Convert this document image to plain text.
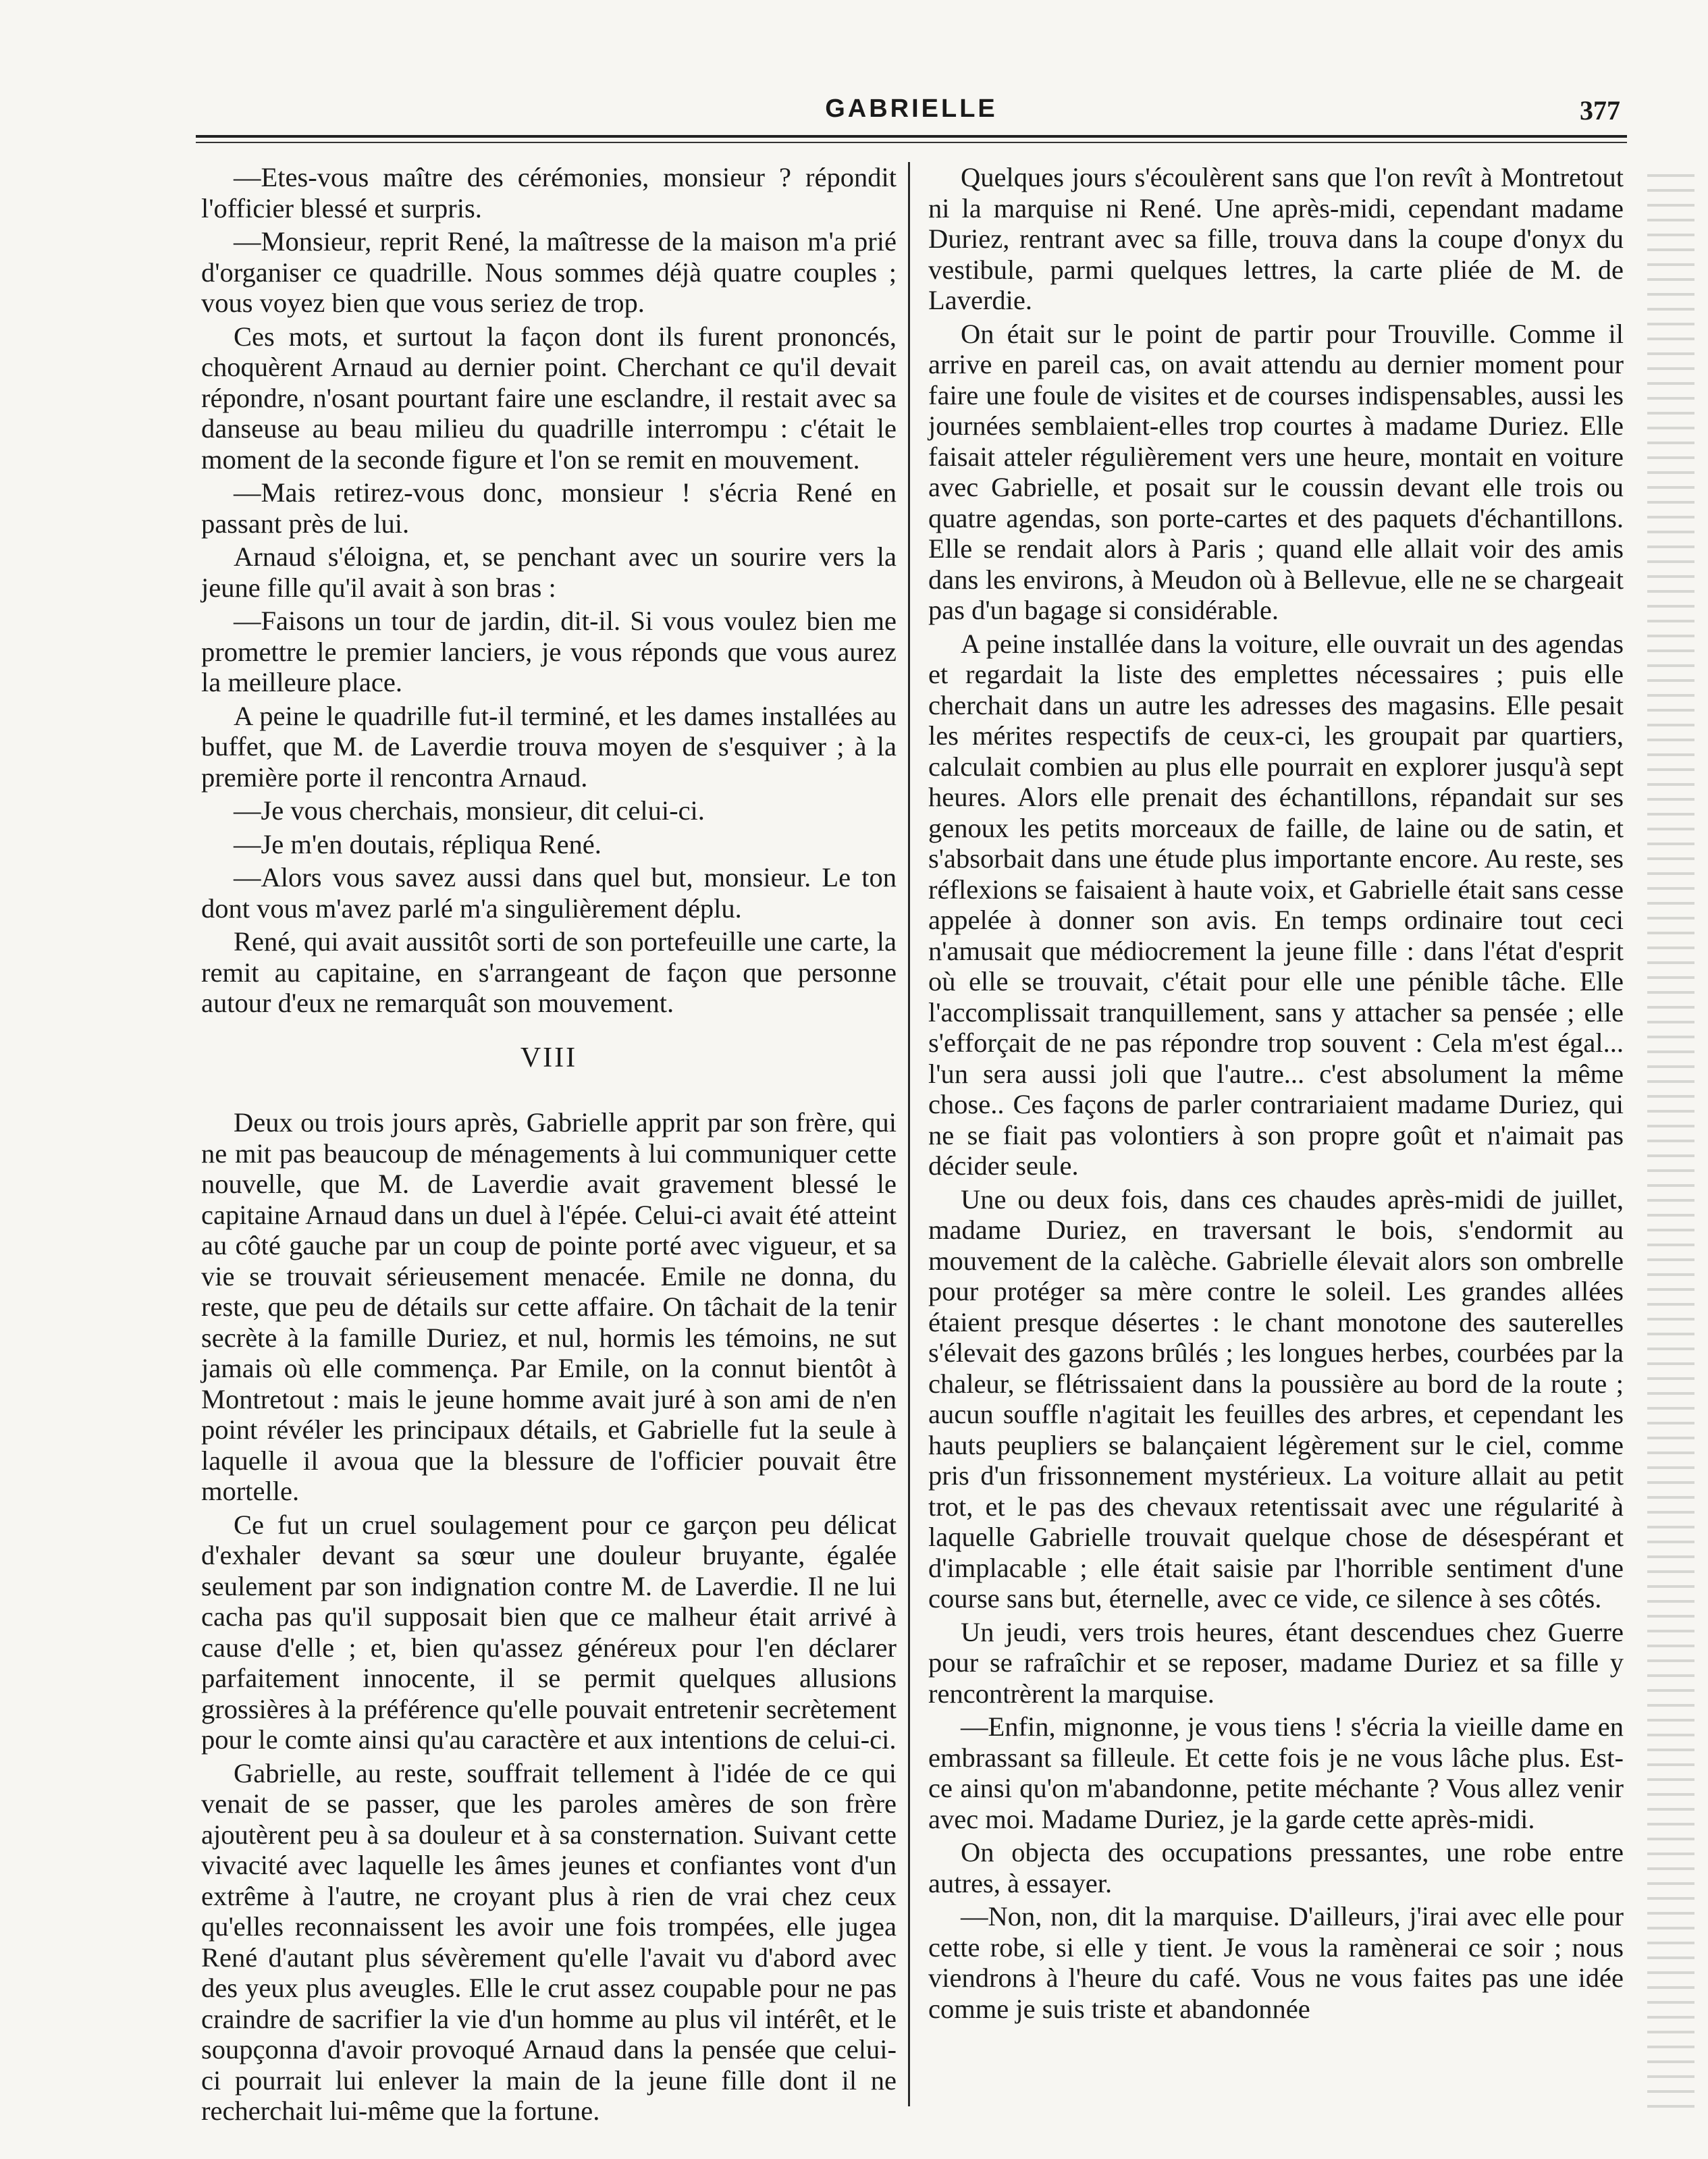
GABRIELLE	377

—Etes-vous maître des cérémonies, monsieur ? répondit l'officier blessé et surpris.

—Monsieur, reprit René, la maîtresse de la maison m'a prié d'organiser ce quadrille. Nous sommes déjà quatre couples ; vous voyez bien que vous seriez de trop.

Ces mots, et surtout la façon dont ils furent prononcés, choquèrent Arnaud au dernier point. Cherchant ce qu'il devait répondre, n'osant pourtant faire une esclandre, il restait avec sa danseuse au beau milieu du quadrille interrompu : c'était le moment de la seconde figure et l'on se remit en mouvement.

—Mais retirez-vous donc, monsieur ! s'écria René en passant près de lui.

Arnaud s'éloigna, et, se penchant avec un sourire vers la jeune fille qu'il avait à son bras :

—Faisons un tour de jardin, dit-il. Si vous voulez bien me promettre le premier lanciers, je vous réponds que vous aurez la meilleure place.

A peine le quadrille fut-il terminé, et les dames installées au buffet, que M. de Laverdie trouva moyen de s'esquiver ; à la première porte il rencontra Arnaud.

—Je vous cherchais, monsieur, dit celui-ci.

—Je m'en doutais, répliqua René.

—Alors vous savez aussi dans quel but, monsieur. Le ton dont vous m'avez parlé m'a singulièrement déplu.

René, qui avait aussitôt sorti de son portefeuille une carte, la remit au capitaine, en s'arrangeant de façon que personne autour d'eux ne remarquât son mouvement.

VIII

Deux ou trois jours après, Gabrielle apprit par son frère, qui ne mit pas beaucoup de ménagements à lui communiquer cette nouvelle, que M. de Laverdie avait gravement blessé le capitaine Arnaud dans un duel à l'épée. Celui-ci avait été atteint au côté gauche par un coup de pointe porté avec vigueur, et sa vie se trouvait sérieusement menacée. Emile ne donna, du reste, que peu de détails sur cette affaire. On tâchait de la tenir secrète à la famille Duriez, et nul, hormis les témoins, ne sut jamais où elle commença. Par Emile, on la connut bientôt à Montretout : mais le jeune homme avait juré à son ami de n'en point révéler les principaux détails, et Gabrielle fut la seule à laquelle il avoua que la blessure de l'officier pouvait être mortelle.

Ce fut un cruel soulagement pour ce garçon peu délicat d'exhaler devant sa sœur une douleur bruyante, égalée seulement par son indignation contre M. de Laverdie. Il ne lui cacha pas qu'il supposait bien que ce malheur était arrivé à cause d'elle ; et, bien qu'assez généreux pour l'en déclarer parfaitement innocente, il se permit quelques allusions grossières à la préférence qu'elle pouvait entretenir secrètement pour le comte ainsi qu'au caractère et aux intentions de celui-ci.

Gabrielle, au reste, souffrait tellement à l'idée de ce qui venait de se passer, que les paroles amères de son frère ajoutèrent peu à sa douleur et à sa consternation. Suivant cette vivacité avec laquelle les âmes jeunes et confiantes vont d'un extrême à l'autre, ne croyant plus à rien de vrai chez ceux qu'elles reconnaissent les avoir une fois trompées, elle jugea René d'autant plus sévèrement qu'elle l'avait vu d'abord avec des yeux plus aveugles. Elle le crut assez coupable pour ne pas craindre de sacrifier la vie d'un homme au plus vil intérêt, et le soupçonna d'avoir provoqué Arnaud dans la pensée que celui-ci pourrait lui enlever la main de la jeune fille dont il ne recherchait lui-même que la fortune.

Quelques jours s'écoulèrent sans que l'on revît à Montretout ni la marquise ni René. Une après-midi, cependant madame Duriez, rentrant avec sa fille, trouva dans la coupe d'onyx du vestibule, parmi quelques lettres, la carte pliée de M. de Laverdie.

On était sur le point de partir pour Trouville. Comme il arrive en pareil cas, on avait attendu au dernier moment pour faire une foule de visites et de courses indispensables, aussi les journées semblaient-elles trop courtes à madame Duriez. Elle faisait atteler régulièrement vers une heure, montait en voiture avec Gabrielle, et posait sur le coussin devant elle trois ou quatre agendas, son porte-cartes et des paquets d'échantillons. Elle se rendait alors à Paris ; quand elle allait voir des amis dans les environs, à Meudon où à Bellevue, elle ne se chargeait pas d'un bagage si considérable.

A peine installée dans la voiture, elle ouvrait un des agendas et regardait la liste des emplettes nécessaires ; puis elle cherchait dans un autre les adresses des magasins. Elle pesait les mérites respectifs de ceux-ci, les groupait par quartiers, calculait combien au plus elle pourrait en explorer jusqu'à sept heures. Alors elle prenait des échantillons, répandait sur ses genoux les petits morceaux de faille, de laine ou de satin, et s'absorbait dans une étude plus importante encore. Au reste, ses réflexions se faisaient à haute voix, et Gabrielle était sans cesse appelée à donner son avis. En temps ordinaire tout ceci n'amusait que médiocrement la jeune fille : dans l'état d'esprit où elle se trouvait, c'était pour elle une pénible tâche. Elle l'accomplissait tranquillement, sans y attacher sa pensée ; elle s'efforçait de ne pas répondre trop souvent : Cela m'est égal... l'un sera aussi joli que l'autre... c'est absolument la même chose.. Ces façons de parler contrariaient madame Duriez, qui ne se fiait pas volontiers à son propre goût et n'aimait pas décider seule.

Une ou deux fois, dans ces chaudes après-midi de juillet, madame Duriez, en traversant le bois, s'endormit au mouvement de la calèche. Gabrielle élevait alors son ombrelle pour protéger sa mère contre le soleil. Les grandes allées étaient presque désertes : le chant monotone des sauterelles s'élevait des gazons brûlés ; les longues herbes, courbées par la chaleur, se flétrissaient dans la poussière au bord de la route ; aucun souffle n'agitait les feuilles des arbres, et cependant les hauts peupliers se balançaient légèrement sur le ciel, comme pris d'un frissonnement mystérieux. La voiture allait au petit trot, et le pas des chevaux retentissait avec une régularité à laquelle Gabrielle trouvait quelque chose de désespérant et d'implacable ; elle était saisie par l'horrible sentiment d'une course sans but, éternelle, avec ce vide, ce silence à ses côtés.

Un jeudi, vers trois heures, étant descendues chez Guerre pour se rafraîchir et se reposer, madame Duriez et sa fille y rencontrèrent la marquise.

—Enfin, mignonne, je vous tiens ! s'écria la vieille dame en embrassant sa filleule. Et cette fois je ne vous lâche plus. Est-ce ainsi qu'on m'abandonne, petite méchante ? Vous allez venir avec moi. Madame Duriez, je la garde cette après-midi.

On objecta des occupations pressantes, une robe entre autres, à essayer.

—Non, non, dit la marquise. D'ailleurs, j'irai avec elle pour cette robe, si elle y tient. Je vous la ramènerai ce soir ; nous viendrons à l'heure du café. Vous ne vous faites pas une idée comme je suis triste et abandonnée
